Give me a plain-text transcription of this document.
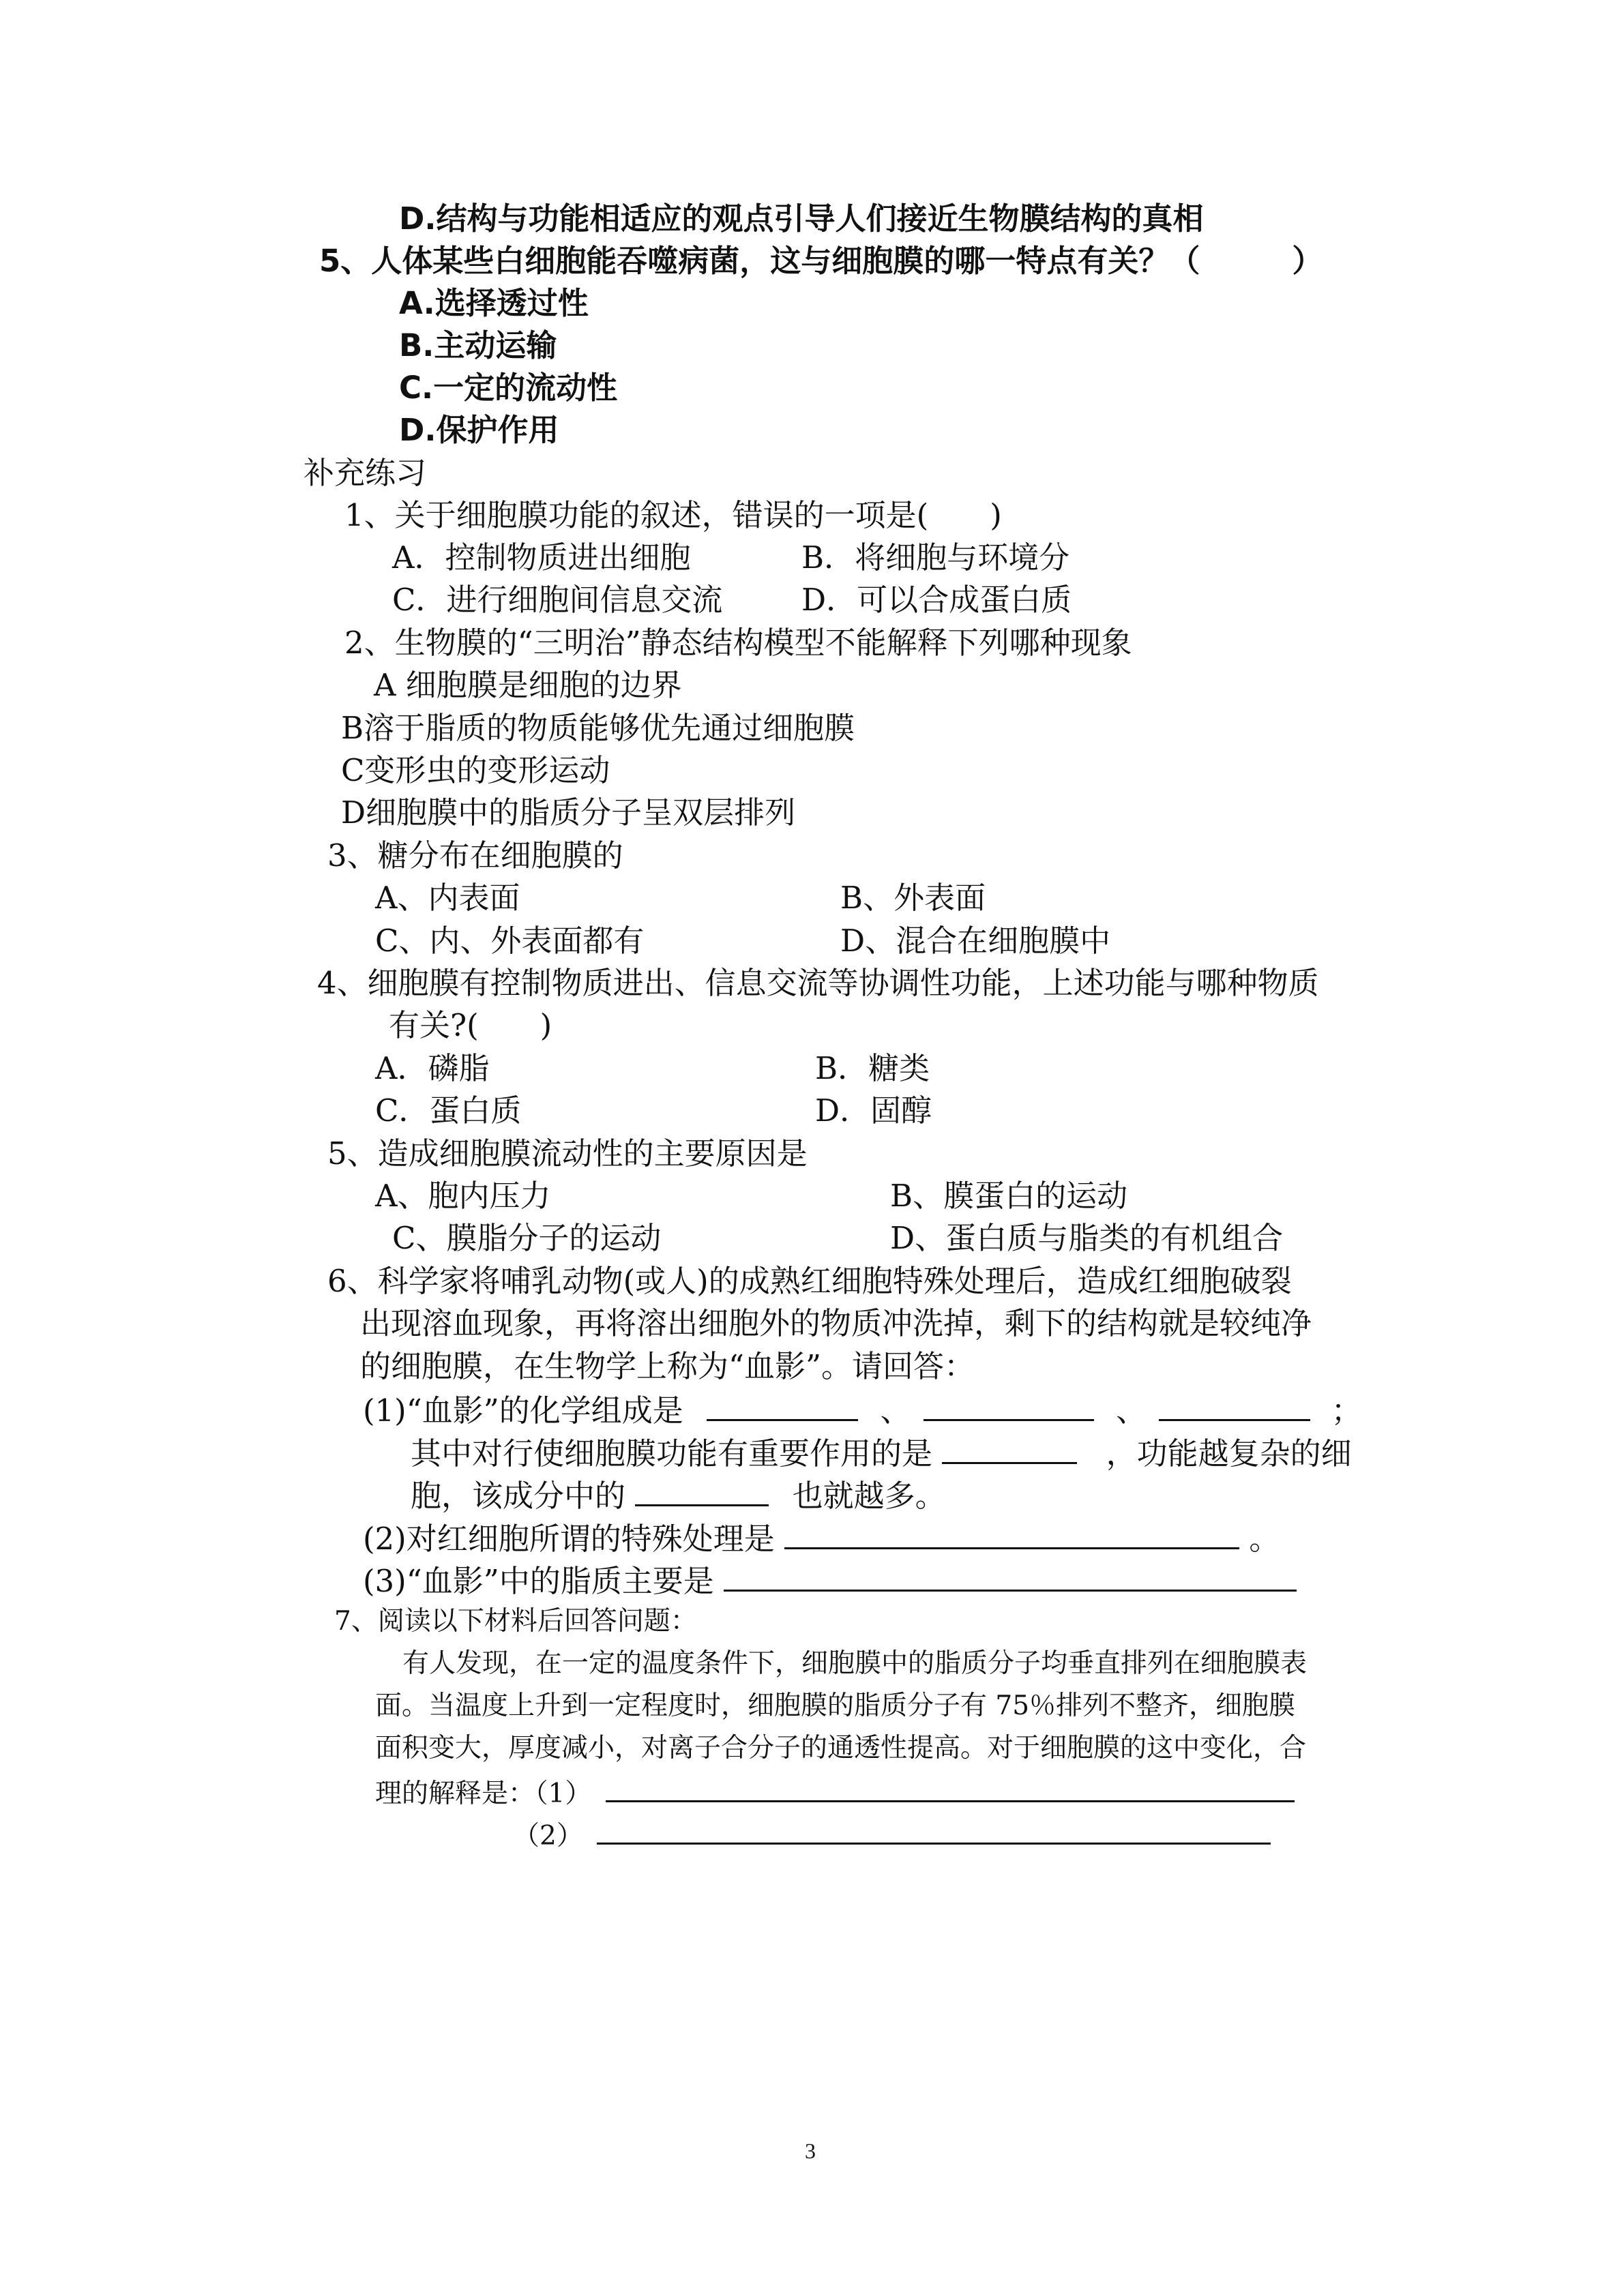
D.结构与功能相适应的观点引导人们接近生物膜结构的真相
5、人体某些白细胞能吞噬病菌，这与细胞膜的哪一特点有关？（　　　）
A.选择透过性
B.主动运输
C.一定的流动性
D.保护作用
补充练习
1、关于细胞膜功能的叙述，错误的一项是(　　)
A．控制物质进出细胞	B．将细胞与环境分
C．进行细胞间信息交流	D．可以合成蛋白质
2、生物膜的“三明治”静态结构模型不能解释下列哪种现象
A 细胞膜是细胞的边界
B溶于脂质的物质能够优先通过细胞膜
C变形虫的变形运动
D细胞膜中的脂质分子呈双层排列
3、糖分布在细胞膜的
A、内表面	B、外表面
C、内、外表面都有	D、混合在细胞膜中
4、细胞膜有控制物质进出、信息交流等协调性功能，上述功能与哪种物质
有关?(　　)
A．磷脂	B．糖类
C．蛋白质	D．固醇
5、造成细胞膜流动性的主要原因是
A、胞内压力	B、膜蛋白的运动
C、膜脂分子的运动	D、蛋白质与脂类的有机组合
6、科学家将哺乳动物(或人)的成熟红细胞特殊处理后，造成红细胞破裂
出现溶血现象，再将溶出细胞外的物质冲洗掉，剩下的结构就是较纯净
的细胞膜，在生物学上称为“血影”。请回答：
(1)“血影”的化学组成是	、	、	；
其中对行使细胞膜功能有重要作用的是	，功能越复杂的细
胞，该成分中的	也就越多。
(2)对红细胞所谓的特殊处理是	。
(3)“血影”中的脂质主要是
7、阅读以下材料后回答问题：
有人发现，在一定的温度条件下，细胞膜中的脂质分子均垂直排列在细胞膜表
面。当温度上升到一定程度时，细胞膜的脂质分子有 75％排列不整齐，细胞膜
面积变大，厚度减小，对离子合分子的通透性提高。对于细胞膜的这中变化，合
理的解释是：（1）
（2）
3
